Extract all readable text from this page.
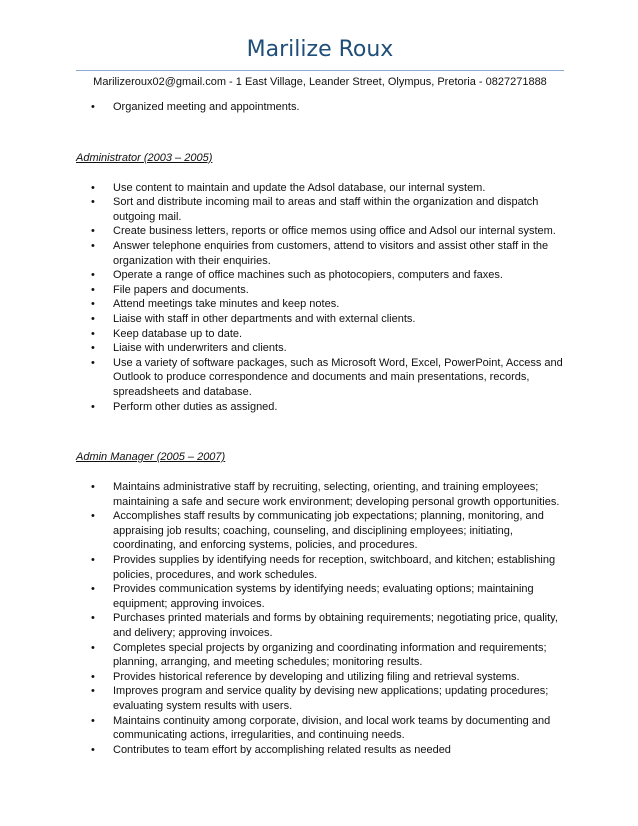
Marilize Roux
Marilizeroux02@gmail.com - 1 East Village, Leander Street, Olympus, Pretoria - 0827271888
• Organized meeting and appointments.
Administrator (2003 – 2005)
• Use content to maintain and update the Adsol database, our internal system.
• Sort and distribute incoming mail to areas and staff within the organization and dispatch outgoing mail.
• Create business letters, reports or office memos using office and Adsol our internal system.
• Answer telephone enquiries from customers, attend to visitors and assist other staff in the organization with their enquiries.
• Operate a range of office machines such as photocopiers, computers and faxes.
• File papers and documents.
• Attend meetings take minutes and keep notes.
• Liaise with staff in other departments and with external clients.
• Keep database up to date.
• Liaise with underwriters and clients.
• Use a variety of software packages, such as Microsoft Word, Excel, PowerPoint, Access and Outlook to produce correspondence and documents and main presentations, records, spreadsheets and database.
• Perform other duties as assigned.
Admin Manager (2005 – 2007)
• Maintains administrative staff by recruiting, selecting, orienting, and training employees; maintaining a safe and secure work environment; developing personal growth opportunities.
• Accomplishes staff results by communicating job expectations; planning, monitoring, and appraising job results; coaching, counseling, and disciplining employees; initiating, coordinating, and enforcing systems, policies, and procedures.
• Provides supplies by identifying needs for reception, switchboard, and kitchen; establishing policies, procedures, and work schedules.
• Provides communication systems by identifying needs; evaluating options; maintaining equipment; approving invoices.
• Purchases printed materials and forms by obtaining requirements; negotiating price, quality, and delivery; approving invoices.
• Completes special projects by organizing and coordinating information and requirements; planning, arranging, and meeting schedules; monitoring results.
• Provides historical reference by developing and utilizing filing and retrieval systems.
• Improves program and service quality by devising new applications; updating procedures; evaluating system results with users.
• Maintains continuity among corporate, division, and local work teams by documenting and communicating actions, irregularities, and continuing needs.
• Contributes to team effort by accomplishing related results as needed
